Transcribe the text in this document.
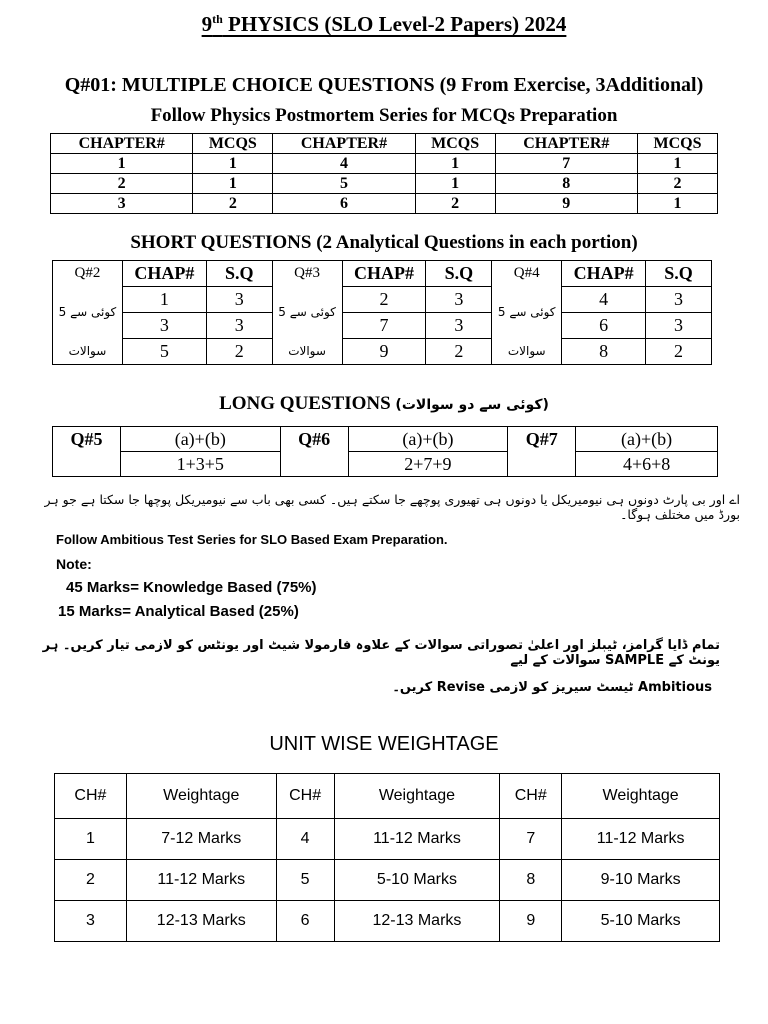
9th PHYSICS (SLO Level-2 Papers) 2024
Q#01: MULTIPLE CHOICE QUESTIONS (9 From Exercise, 3Additional)
Follow Physics Postmortem Series for MCQs Preparation
CHAPTER#	MCQS	CHAPTER#	MCQS	CHAPTER#	MCQS
1	1	4	1	7	1
2	1	5	1	8	2
3	2	6	2	9	1
SHORT QUESTIONS (2 Analytical Questions in each portion)
Q#2	CHAP#	S.Q	Q#3	CHAP#	S.Q	Q#4	CHAP#	S.Q
کوئی سے 5	1	3	کوئی سے 5	2	3	کوئی سے 5	4	3
	3	3		7	3		6	3
سوالات	5	2	سوالات	9	2	سوالات	8	2
LONG QUESTIONS (کوئی سے دو سوالات)
Q#5	(a)+(b)	Q#6	(a)+(b)	Q#7	(a)+(b)
	1+3+5		2+7+9		4+6+8
اے اور بی پارٹ دونوں ہی نیومیریکل یا دونوں ہی تھیوری پوچھے جا سکتے ہیں۔ کسی بھی باب سے نیومیریکل پوچھا جا سکتا ہے جو ہر بورڈ میں مختلف ہوگا۔
Follow Ambitious Test Series for SLO Based Exam Preparation.
Note:
45 Marks= Knowledge Based (75%)
15 Marks= Analytical Based (25%)
تمام ڈایا گرامز، ٹیبلز اور اعلیٰ تصوراتی سوالات کے علاوہ فارمولا شیٹ اور یونٹس کو لازمی تیار کریں۔ ہر یونٹ کے SAMPLE سوالات کے لیے
Ambitious ٹیسٹ سیریز کو لازمی Revise کریں۔
UNIT WISE WEIGHTAGE
CH#	Weightage	CH#	Weightage	CH#	Weightage
1	7-12 Marks	4	11-12 Marks	7	11-12 Marks
2	11-12 Marks	5	5-10 Marks	8	9-10 Marks
3	12-13 Marks	6	12-13 Marks	9	5-10 Marks
